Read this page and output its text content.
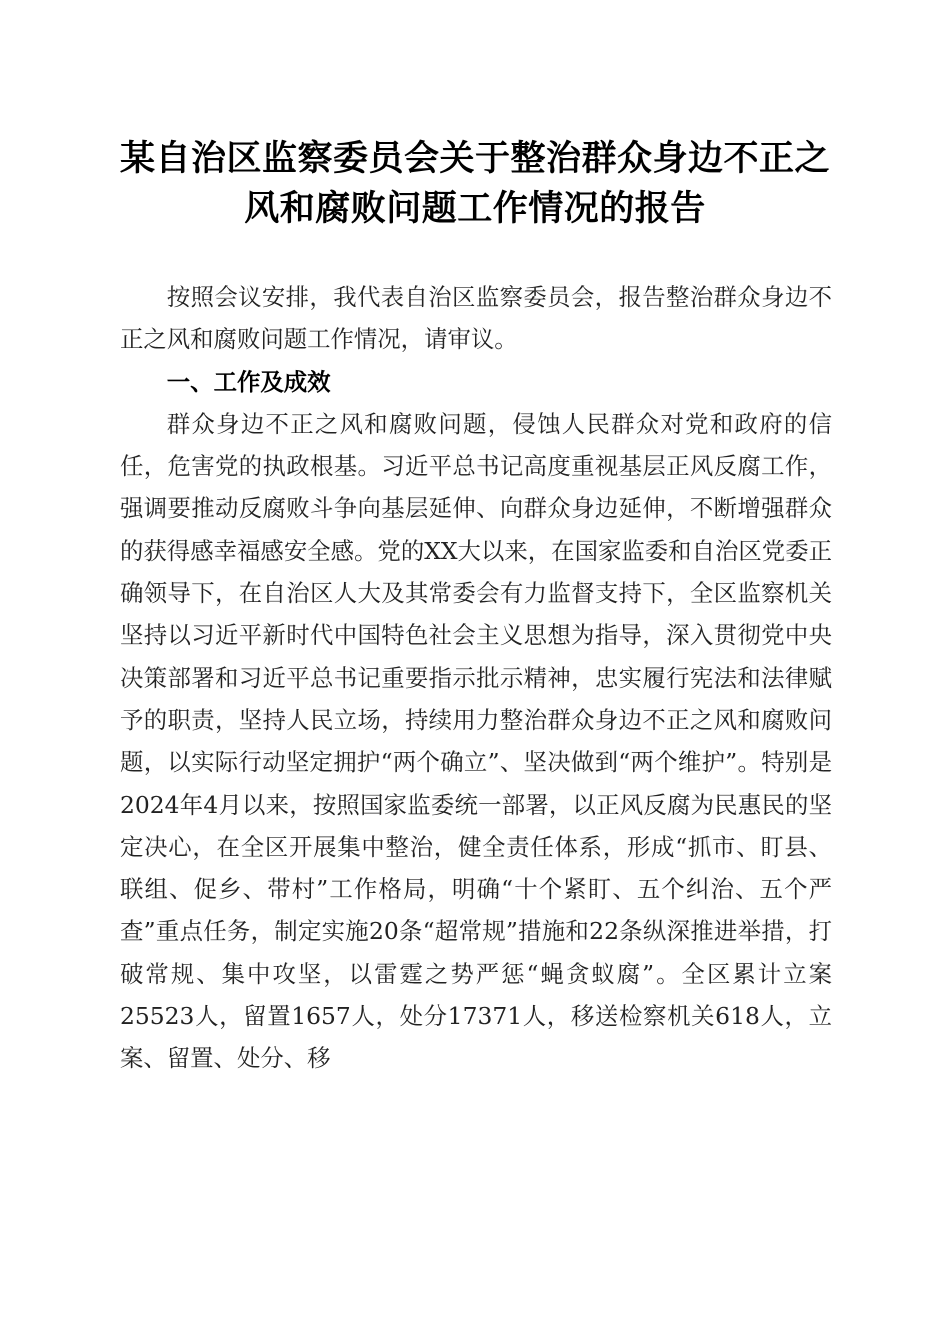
某自治区监察委员会关于整治群众身边不正之风和腐败问题工作情况的报告

按照会议安排，我代表自治区监察委员会，报告整治群众身边不正之风和腐败问题工作情况，请审议。

一、工作及成效

群众身边不正之风和腐败问题，侵蚀人民群众对党和政府的信任，危害党的执政根基。习近平总书记高度重视基层正风反腐工作，强调要推动反腐败斗争向基层延伸、向群众身边延伸，不断增强群众的获得感幸福感安全感。党的XX大以来，在国家监委和自治区党委正确领导下，在自治区人大及其常委会有力监督支持下，全区监察机关坚持以习近平新时代中国特色社会主义思想为指导，深入贯彻党中央决策部署和习近平总书记重要指示批示精神，忠实履行宪法和法律赋予的职责，坚持人民立场，持续用力整治群众身边不正之风和腐败问题，以实际行动坚定拥护“两个确立”、坚决做到“两个维护”。特别是2024年4月以来，按照国家监委统一部署，以正风反腐为民惠民的坚定决心，在全区开展集中整治，健全责任体系，形成“抓市、盯县、联组、促乡、带村”工作格局，明确“十个紧盯、五个纠治、五个严查”重点任务，制定实施20条“超常规”措施和22条纵深推进举措，打破常规、集中攻坚，以雷霆之势严惩“蝇贪蚁腐”。全区累计立案25523人，留置1657人，处分17371人，移送检察机关618人，立案、留置、处分、移
